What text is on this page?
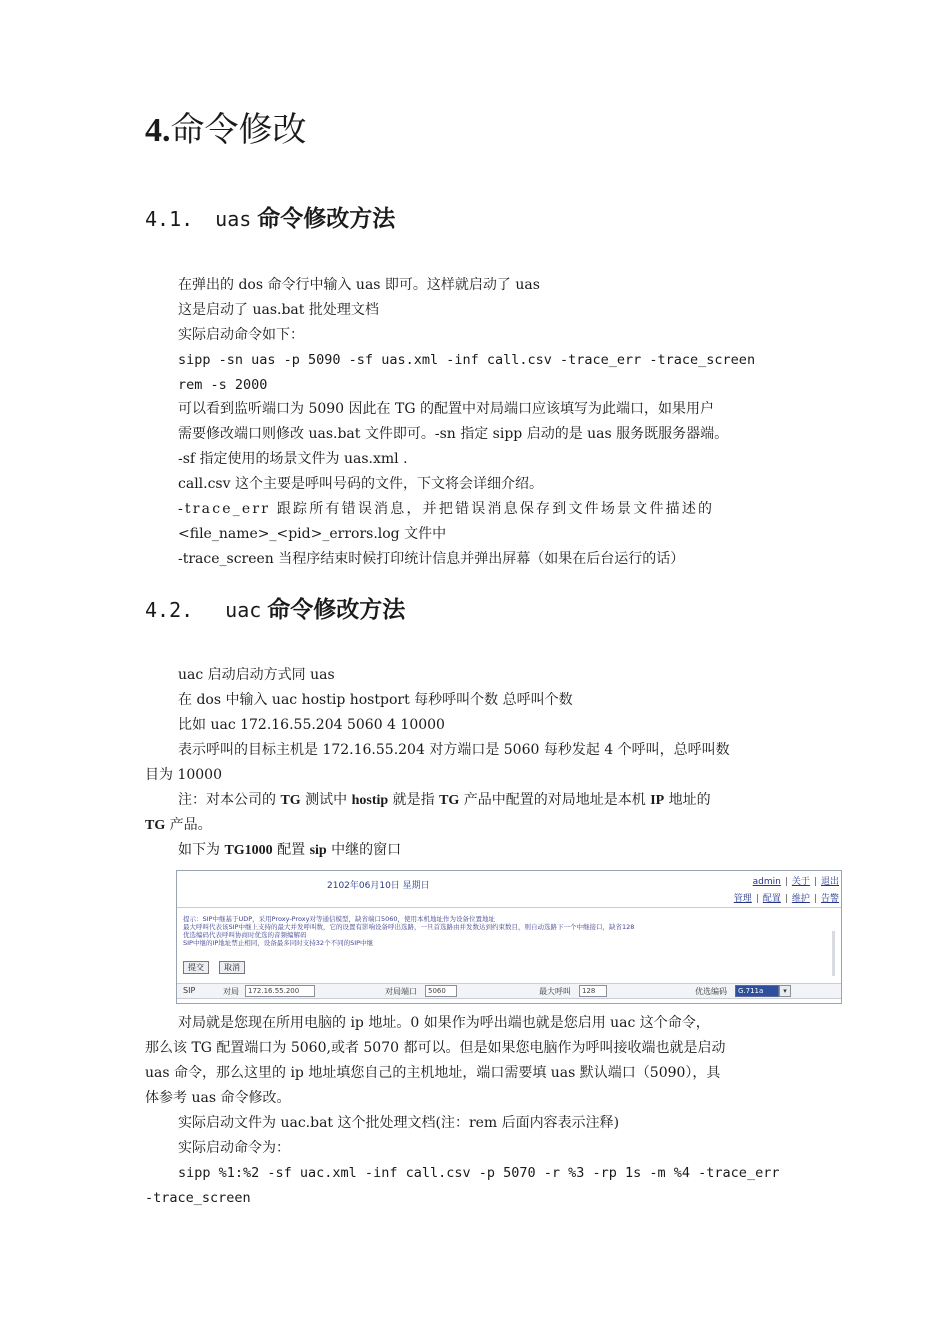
4.命令修改
4.1. uas 命令修改方法
在弹出的 dos 命令行中输入 uas 即可。这样就启动了 uas
这是启动了 uas.bat 批处理文档
实际启动命令如下：
sipp -sn uas -p 5090 -sf uas.xml -inf call.csv -trace_err -trace_screen
rem -s 2000
可以看到监听端口为 5090 因此在 TG 的配置中对局端口应该填写为此端口，如果用户
需要修改端口则修改 uas.bat 文件即可。-sn 指定 sipp 启动的是 uas 服务既服务器端。
-sf 指定使用的场景文件为 uas.xml .
call.csv 这个主要是呼叫号码的文件，下文将会详细介绍。
-trace_err 跟踪所有错误消息，并把错误消息保存到文件场景文件描述的
<file_name>_<pid>_errors.log 文件中
-trace_screen 当程序结束时候打印统计信息并弹出屏幕（如果在后台运行的话）
4.2. uac 命令修改方法
uac 启动启动方式同 uas
在 dos 中输入 uac hostip hostport 每秒呼叫个数 总呼叫个数
比如 uac 172.16.55.204 5060 4 10000
表示呼叫的目标主机是 172.16.55.204 对方端口是 5060 每秒发起 4 个呼叫，总呼叫数
目为 10000
注：对本公司的 TG 测试中 hostip 就是指 TG 产品中配置的对局地址是本机 IP 地址的
TG 产品。
如下为 TG1000 配置 sip 中继的窗口
2102年06月10日 星期日	admin | 关于 | 退出
管理 | 配置 | 维护 | 告警
提示：SIP中继基于UDP，采用Proxy-Proxy对等通信模型，缺省端口5060，使用本机地址作为设备位置地址
最大呼叫代表该SIP中继上支持的最大并发呼叫数，它的设置有影响设备呼出选路，一旦首选路由并发数达到约束数目，则自动选路下一个中继接口，缺省128
优选编码代表呼叫协商时优选的音频编解码
SIP中继的IP地址禁止相同，设备最多同时支持32个不同的SIP中继
提交	取消
SIP	对局	172.16.55.200	对局端口	5060	最大呼叫	128	优选编码	G.711a	▾
对局就是您现在所用电脑的 ip 地址。0 如果作为呼出端也就是您启用 uac 这个命令，
那么该 TG 配置端口为 5060,或者 5070 都可以。但是如果您电脑作为呼叫接收端也就是启动
uas 命令，那么这里的 ip 地址填您自己的主机地址，端口需要填 uas 默认端口（5090），具
体参考 uas 命令修改。
实际启动文件为 uac.bat 这个批处理文档(注：rem 后面内容表示注释)
实际启动命令为：
sipp %1:%2 -sf uac.xml -inf call.csv -p 5070 -r %3 -rp 1s -m %4 -trace_err
-trace_screen
